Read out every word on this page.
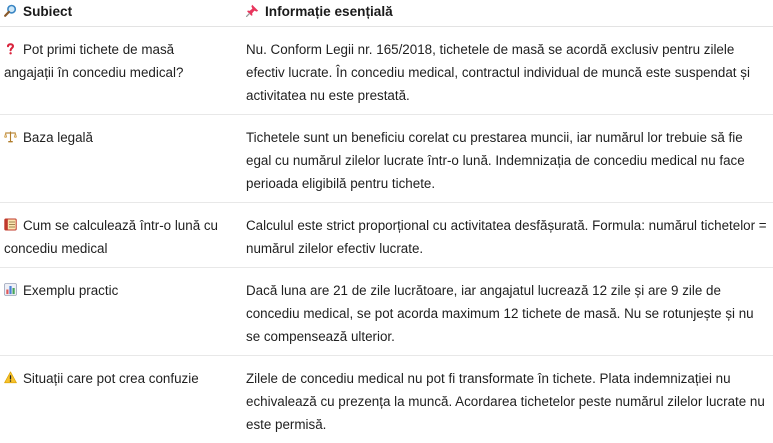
Subiect	Informație esențială

Pot primi tichete de masă angajații în concediu medical?	Nu. Conform Legii nr. 165/2018, tichetele de masă se acordă exclusiv pentru zilele efectiv lucrate. În concediu medical, contractul individual de muncă este suspendat și activitatea nu este prestată.

Baza legală	Tichetele sunt un beneficiu corelat cu prestarea muncii, iar numărul lor trebuie să fie egal cu numărul zilelor lucrate într-o lună. Indemnizația de concediu medical nu face perioada eligibilă pentru tichete.

Cum se calculează într-o lună cu concediu medical	Calculul este strict proporțional cu activitatea desfășurată. Formula: numărul tichetelor = numărul zilelor efectiv lucrate.

Exemplu practic	Dacă luna are 21 de zile lucrătoare, iar angajatul lucrează 12 zile și are 9 zile de concediu medical, se pot acorda maximum 12 tichete de masă. Nu se rotunjește și nu se compensează ulterior.

Situații care pot crea confuzie	Zilele de concediu medical nu pot fi transformate în tichete. Plata indemnizației nu echivalează cu prezența la muncă. Acordarea tichetelor peste numărul zilelor lucrate nu este permisă.
